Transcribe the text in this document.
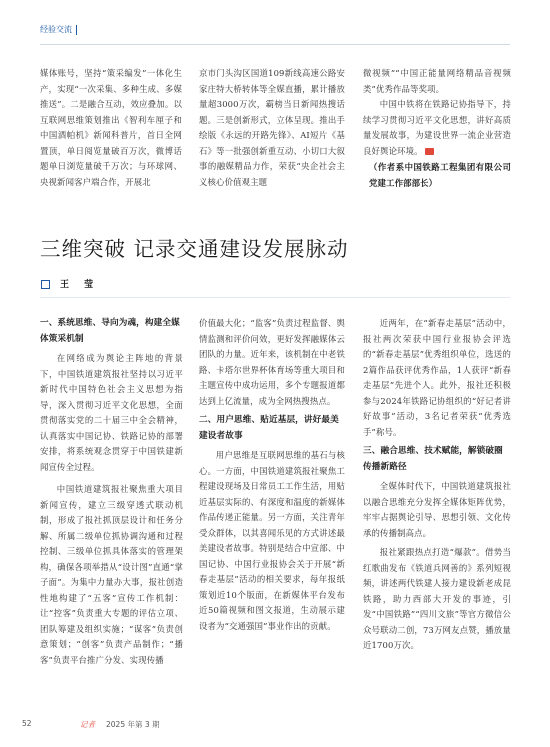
经验交流

媒体账号，坚持“策采编发”一体化生产，实现“一次采集、多种生成、多媒推送”。二是融合互动，效应叠加。以互联网思维策划推出《智利车厘子和中国酒帕机》新闻科普片，首日全网置顶，单日阅览量破百万次，微博话题单日浏览量破千万次；与环球网、央视新闻客户端合作，开展北

京市门头沟区国道109新线高速公路安家庄特大桥转体等全媒直播，累计播放量超3000万次，霸榜当日新闻热搜话题。三是创新形式，立体呈现。推出手绘版《永远的开路先锋》、AI短片《基石》等一批强创新重互动、小切口大叙事的融媒精品力作，荣获“央企社会主义核心价值观主题

微视频”“中国正能量网络精品音视频类”优秀作品等奖项。

中国中铁将在铁路记协指导下，持续学习贯彻习近平文化思想，讲好高质量发展故事，为建设世界一流企业营造良好舆论环境。

（作者系中国铁路工程集团有限公司党建工作部部长）

三维突破 记录交通建设发展脉动
王 莹
一、系统思维、导向为魂，构建全媒体策采机制

在网络成为舆论主阵地的背景下，中国铁道建筑报社坚持以习近平新时代中国特色社会主义思想为指导，深入贯彻习近平文化思想，全面贯彻落实党的二十届三中全会精神，认真落实中国记协、铁路记协的部署安排，将系统观念贯穿于中国铁建新闻宣传全过程。

中国铁道建筑报社聚焦重大项目新闻宣传，建立三级穿透式联动机制，形成了报社抓顶层设计和任务分解、所属二级单位抓协调沟通和过程控制、三级单位抓具体落实的管理架构，确保各项举措从“设计图”直通“掌子面”。为集中力量办大事，报社创造性地构建了“五客”宣传工作机制：让“控客”负责重大专题的评估立项、团队筹建及组织实施；“谋客”负责创意策划；“创客”负责产品制作；“播客”负责平台推广分发、实现传播

价值最大化；“监客”负责过程监督、舆情监测和评价问效，更好发挥融媒体云团队的力量。近年来，该机制在中老铁路、卡塔尔世界杯体育场等重大项目和主题宣传中成功运用，多个专题报道都达到上亿流量，成为全网热搜热点。

二、用户思维、贴近基层，讲好最美建设者故事

用户思维是互联网思维的基石与核心。一方面，中国铁道建筑报社聚焦工程建设现场及日常员工工作生活，用贴近基层实际的、有深度和温度的新媒体作品传递正能量。另一方面，关注青年受众群体，以其喜闻乐见的方式讲述最美建设者故事。特别是结合中宣部、中国记协、中国行业报协会关于开展“新春走基层”活动的相关要求，每年报纸策划近10个版面，在新媒体平台发布近50篇视频和图文报道，生动展示建设者为“交通强国”事业作出的贡献。

近两年，在“新春走基层”活动中，报社两次荣获中国行业报协会评选的“新春走基层”优秀组织单位，选送的2篇作品获评优秀作品，1人获评“新春走基层”先进个人。此外，报社还积极参与2024年铁路记协组织的“好记者讲好故事”活动，3名记者荣获“优秀选手”称号。

三、融合思维、技术赋能，解锁破圈传播新路径

全媒体时代下，中国铁道建筑报社以融合思维充分发挥全媒体矩阵优势，牢牢占据舆论引导、思想引领、文化传承的传播制高点。

报社紧跟热点打造“爆款”。借势当红歌曲发布《铁道兵网善的》系列短视频，讲述两代铁建人接力建设新老成昆铁路，助力西部大开发的事迹，引发“中国铁路”“四川文旅”等官方微信公众号联动二创，73万网友点赞，播放量近1700万次。

52	记者 2025 年第 3 期
